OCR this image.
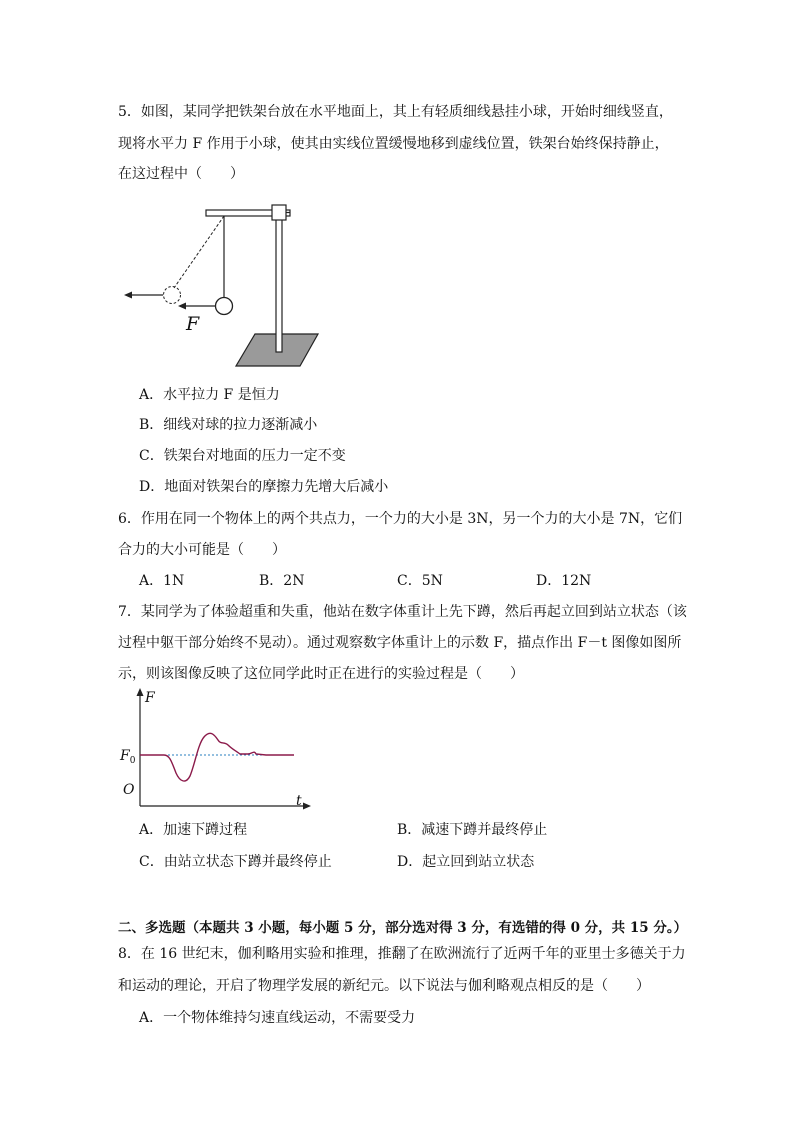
5．如图，某同学把铁架台放在水平地面上，其上有轻质细线悬挂小球，开始时细线竖直，
现将水平力 F 作用于小球，使其由实线位置缓慢地移到虚线位置，铁架台始终保持静止，
在这过程中（　　）
F
A．水平拉力 F 是恒力
B．细线对球的拉力逐渐减小
C．铁架台对地面的压力一定不变
D．地面对铁架台的摩擦力先增大后减小
6．作用在同一个物体上的两个共点力，一个力的大小是 3N，另一个力的大小是 7N，它们
合力的大小可能是（　　）
A．1N	B．2N	C．5N	D．12N
7．某同学为了体验超重和失重，他站在数字体重计上先下蹲，然后再起立回到站立状态（该
过程中躯干部分始终不晃动）。通过观察数字体重计上的示数 F，描点作出 F－t 图像如图所
示，则该图像反映了这位同学此时正在进行的实验过程是（　　）
F
t
O
$F_0$
A．加速下蹲过程	B．减速下蹲并最终停止
C．由站立状态下蹲并最终停止	D．起立回到站立状态
二、多选题（本题共 3 小题，每小题 5 分，部分选对得 3 分，有选错的得 0 分，共 15 分。）
8．在 16 世纪末，伽利略用实验和推理，推翻了在欧洲流行了近两千年的亚里士多德关于力
和运动的理论，开启了物理学发展的新纪元。以下说法与伽利略观点相反的是（　　）
A．一个物体维持匀速直线运动，不需要受力
